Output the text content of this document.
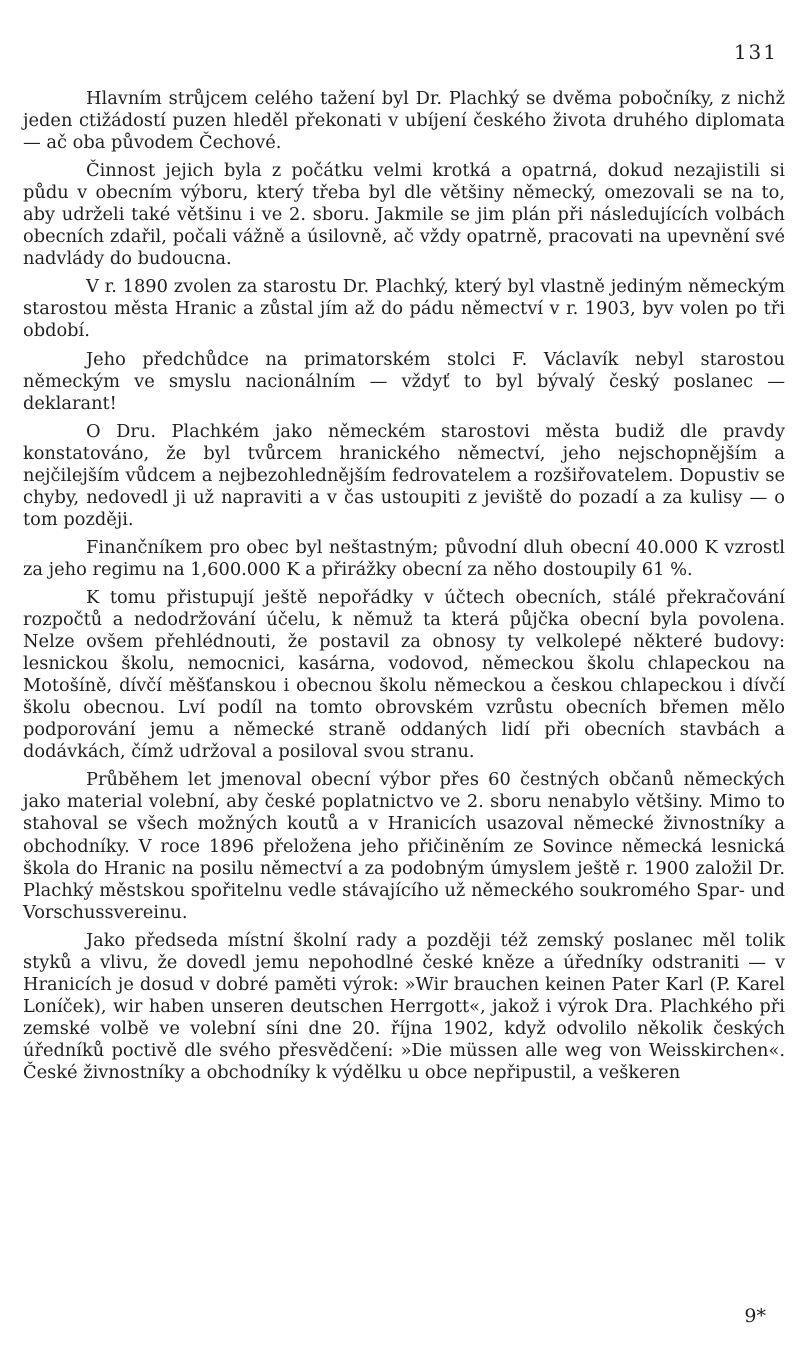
131

Hlavním strůjcem celého tažení byl Dr. Plachký se dvěma pobočníky, z nichž jeden ctižádostí puzen hleděl překonati v ubíjení českého života druhého diplomata — ač oba původem Čechové.

Činnost jejich byla z počátku velmi krotká a opatrná, dokud nezajistili si půdu v obecním výboru, který třeba byl dle většiny německý, omezovali se na to, aby udrželi také většinu i ve 2. sboru. Jakmile se jim plán při následujících volbách obecních zdařil, počali vážně a úsilovně, ač vždy opatrně, pracovati na upevnění své nadvlády do budoucna.

V r. 1890 zvolen za starostu Dr. Plachký, který byl vlastně jediným německým starostou města Hranic a zůstal jím až do pádu němectví v r. 1903, byv volen po tři období.

Jeho předchůdce na primatorském stolci F. Václavík nebyl starostou německým ve smyslu nacionálním — vždyť to byl bývalý český poslanec — deklarant!

O Dru. Plachkém jako německém starostovi města budiž dle pravdy konstatováno, že byl tvůrcem hranického němectví, jeho nejschopnějším a nejčilejším vůdcem a nejbezohlednějším fedrovatelem a rozšiřovatelem. Dopustiv se chyby, nedovedl ji už napraviti a v čas ustoupiti z jeviště do pozadí a za kulisy — o tom později.

Finančníkem pro obec byl neštastným; původní dluh obecní 40.000 K vzrostl za jeho regimu na 1,600.000 K a přirážky obecní za něho dostoupily 61 %.

K tomu přistupují ještě nepořádky v účtech obecních, stálé překračování rozpočtů a nedodržování účelu, k němuž ta která půjčka obecní byla povolena. Nelze ovšem přehlédnouti, že postavil za obnosy ty velkolepé některé budovy: lesnickou školu, nemocnici, kasárna, vodovod, německou školu chlapeckou na Motošíně, dívčí měšťanskou i obecnou školu německou a českou chlapeckou i dívčí školu obecnou. Lví podíl na tomto obrovském vzrůstu obecních břemen mělo podporování jemu a německé straně oddaných lidí při obecních stavbách a dodávkách, čímž udržoval a posiloval svou stranu.

Průběhem let jmenoval obecní výbor přes 60 čestných občanů německých jako material volební, aby české poplatnictvo ve 2. sboru nenabylo většiny. Mimo to stahoval se všech možných koutů a v Hranicích usazoval německé živnostníky a obchodníky. V roce 1896 přeložena jeho přičiněním ze Sovince německá lesnická škola do Hranic na posilu němectví a za podobným úmyslem ještě r. 1900 založil Dr. Plachký městskou spořitelnu vedle stávajícího už německého soukromého Spar- und Vorschussvereinu.

Jako předseda místní školní rady a později též zemský poslanec měl tolik styků a vlivu, že dovedl jemu nepohodlné české kněze a úředníky odstraniti — v Hranicích je dosud v dobré paměti výrok: »Wir brauchen keinen Pater Karl (P. Karel Loníček), wir haben unseren deutschen Herrgott«, jakož i výrok Dra. Plachkého při zemské volbě ve volební síni dne 20. října 1902, když odvolilo několik českých úředníků poctivě dle svého přesvědčení: »Die müssen alle weg von Weisskirchen«. České živnostníky a obchodníky k výdělku u obce nepřipustil, a veškeren

9*
